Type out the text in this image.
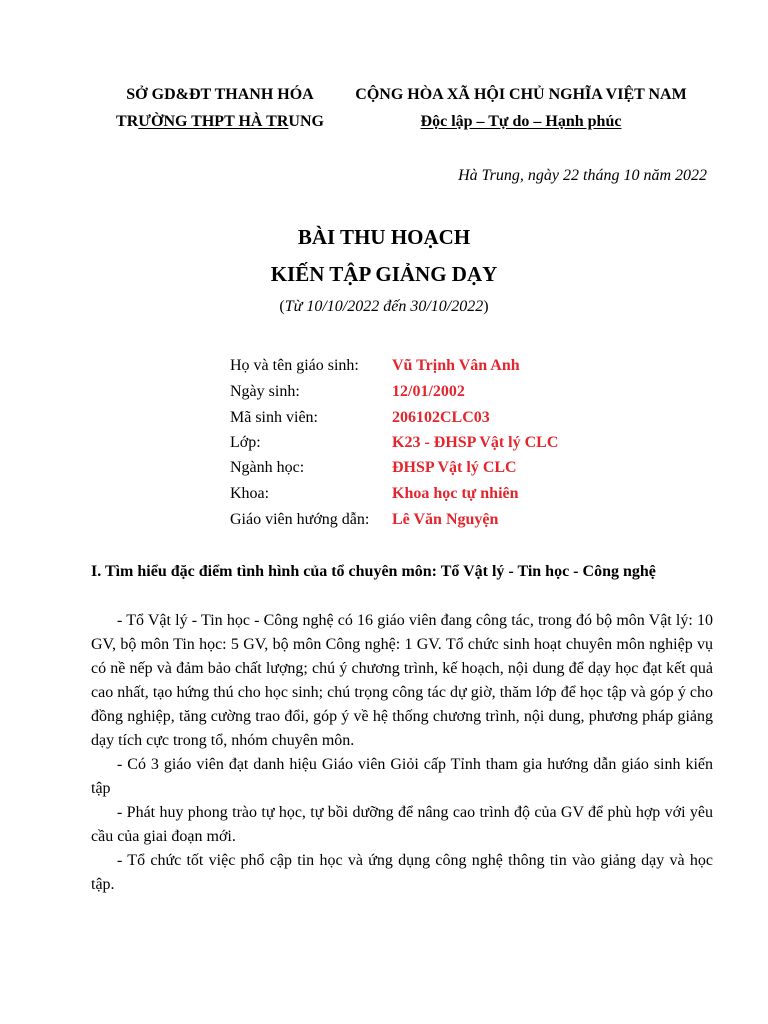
SỞ GD&ĐT THANH HÓA
TRƯỜNG THPT HÀ TRUNG
CỘNG HÒA XÃ HỘI CHỦ NGHĨA VIỆT NAM
Độc lập – Tự do – Hạnh phúc
Hà Trung, ngày 22 tháng 10 năm 2022
BÀI THU HOẠCH
KIẾN TẬP GIẢNG DẠY
(Từ 10/10/2022 đến 30/10/2022)
Họ và tên giáo sinh: Vũ Trịnh Vân Anh
Ngày sinh:	12/01/2002
Mã sinh viên:	206102CLC03
Lớp:	K23 - ĐHSP Vật lý CLC
Ngành học:	ĐHSP Vật lý CLC
Khoa:	Khoa học tự nhiên
Giáo viên hướng dẫn: Lê Văn Nguyện
I. Tìm hiểu đặc điểm tình hình của tổ chuyên môn: Tổ Vật lý - Tin học - Công nghệ

- Tổ Vật lý - Tin học - Công nghệ có 16 giáo viên đang công tác, trong đó bộ môn Vật lý: 10 GV, bộ môn Tin học: 5 GV, bộ môn Công nghệ: 1 GV. Tổ chức sinh hoạt chuyên môn nghiệp vụ có nề nếp và đảm bảo chất lượng; chú ý chương trình, kế hoạch, nội dung để dạy học đạt kết quả cao nhất, tạo hứng thú cho học sinh; chú trọng công tác dự giờ, thăm lớp để học tập và góp ý cho đồng nghiệp, tăng cường trao đổi, góp ý về hệ thống chương trình, nội dung, phương pháp giảng dạy tích cực trong tổ, nhóm chuyên môn.

- Có 3 giáo viên đạt danh hiệu Giáo viên Giỏi cấp Tỉnh tham gia hướng dẫn giáo sinh kiến tập

- Phát huy phong trào tự học, tự bồi dưỡng để nâng cao trình độ của GV để phù hợp với yêu cầu của giai đoạn mới.

- Tổ chức tốt việc phổ cập tin học và ứng dụng công nghệ thông tin vào giảng dạy và học tập.
